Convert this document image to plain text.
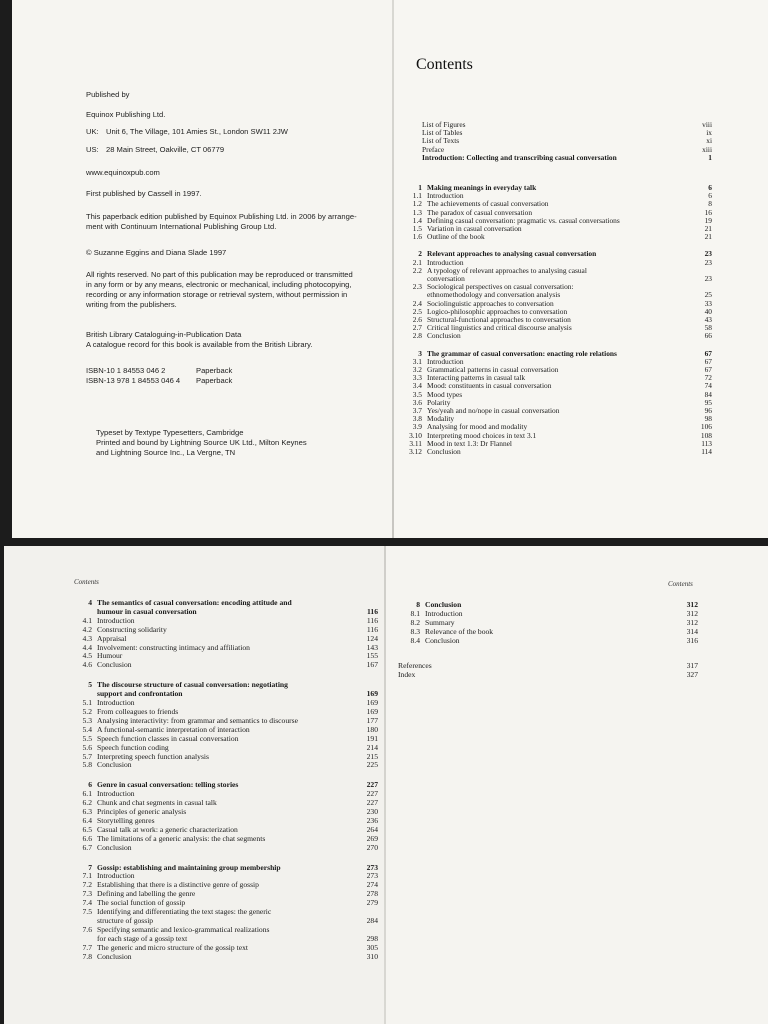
Published by
Equinox Publishing Ltd.
UK: Unit 6, The Village, 101 Amies St., London SW11 2JW
US: 28 Main Street, Oakville, CT 06779
www.equinoxpub.com
First published by Cassell in 1997.
This paperback edition published by Equinox Publishing Ltd. in 2006 by arrange-
ment with Continuum International Publishing Group Ltd.
© Suzanne Eggins and Diana Slade 1997
All rights reserved. No part of this publication may be reproduced or transmitted
in any form or by any means, electronic or mechanical, including photocopying,
recording or any information storage or retrieval system, without permission in
writing from the publishers.
British Library Cataloguing-in-Publication Data
A catalogue record for this book is available from the British Library.
ISBN-10 1 84553 046 2	Paperback
ISBN-13 978 1 84553 046 4	Paperback
Typeset by Textype Typesetters, Cambridge
Printed and bound by Lightning Source UK Ltd., Milton Keynes
and Lightning Source Inc., La Vergne, TN
Contents
List of Figures	viii
List of Tables	ix
List of Texts	xi
Preface	xiii
Introduction: Collecting and transcribing casual conversation	1
1 Making meanings in everyday talk	6
1.1 Introduction	6
1.2 The achievements of casual conversation	8
1.3 The paradox of casual conversation	16
1.4 Defining casual conversation: pragmatic vs. casual conversations	19
1.5 Variation in casual conversation	21
1.6 Outline of the book	21
2 Relevant approaches to analysing casual conversation	23
2.1 Introduction	23
2.2 A typology of relevant approaches to analysing casual
conversation	23
2.3 Sociological perspectives on casual conversation:
ethnomethodology and conversation analysis	25
2.4 Sociolinguistic approaches to conversation	33
2.5 Logico-philosophic approaches to conversation	40
2.6 Structural-functional approaches to conversation	43
2.7 Critical linguistics and critical discourse analysis	58
2.8 Conclusion	66
3 The grammar of casual conversation: enacting role relations	67
3.1 Introduction	67
3.2 Grammatical patterns in casual conversation	67
3.3 Interacting patterns in casual talk	72
3.4 Mood: constituents in casual conversation	74
3.5 Mood types	84
3.6 Polarity	95
3.7 Yes/yeah and no/nope in casual conversation	96
3.8 Modality	98
3.9 Analysing for mood and modality	106
3.10 Interpreting mood choices in text 3.1	108
3.11 Mood in text 1.3: Dr Flannel	113
3.12 Conclusion	114
Contents
4 The semantics of casual conversation: encoding attitude and
humour in casual conversation	116
4.1 Introduction	116
4.2 Constructing solidarity	116
4.3 Appraisal	124
4.4 Involvement: constructing intimacy and affiliation	143
4.5 Humour	155
4.6 Conclusion	167
5 The discourse structure of casual conversation: negotiating
support and confrontation	169
5.1 Introduction	169
5.2 From colleagues to friends	169
5.3 Analysing interactivity: from grammar and semantics to discourse	177
5.4 A functional-semantic interpretation of interaction	180
5.5 Speech function classes in casual conversation	191
5.6 Speech function coding	214
5.7 Interpreting speech function analysis	215
5.8 Conclusion	225
6 Genre in casual conversation: telling stories	227
6.1 Introduction	227
6.2 Chunk and chat segments in casual talk	227
6.3 Principles of generic analysis	230
6.4 Storytelling genres	236
6.5 Casual talk at work: a generic characterization	264
6.6 The limitations of a generic analysis: the chat segments	269
6.7 Conclusion	270
7 Gossip: establishing and maintaining group membership	273
7.1 Introduction	273
7.2 Establishing that there is a distinctive genre of gossip	274
7.3 Defining and labelling the genre	278
7.4 The social function of gossip	279
7.5 Identifying and differentiating the text stages: the generic
structure of gossip	284
7.6 Specifying semantic and lexico-grammatical realizations
for each stage of a gossip text	298
7.7 The generic and micro structure of the gossip text	305
7.8 Conclusion	310
Contents
8 Conclusion	312
8.1 Introduction	312
8.2 Summary	312
8.3 Relevance of the book	314
8.4 Conclusion	316
References	317
Index	327
